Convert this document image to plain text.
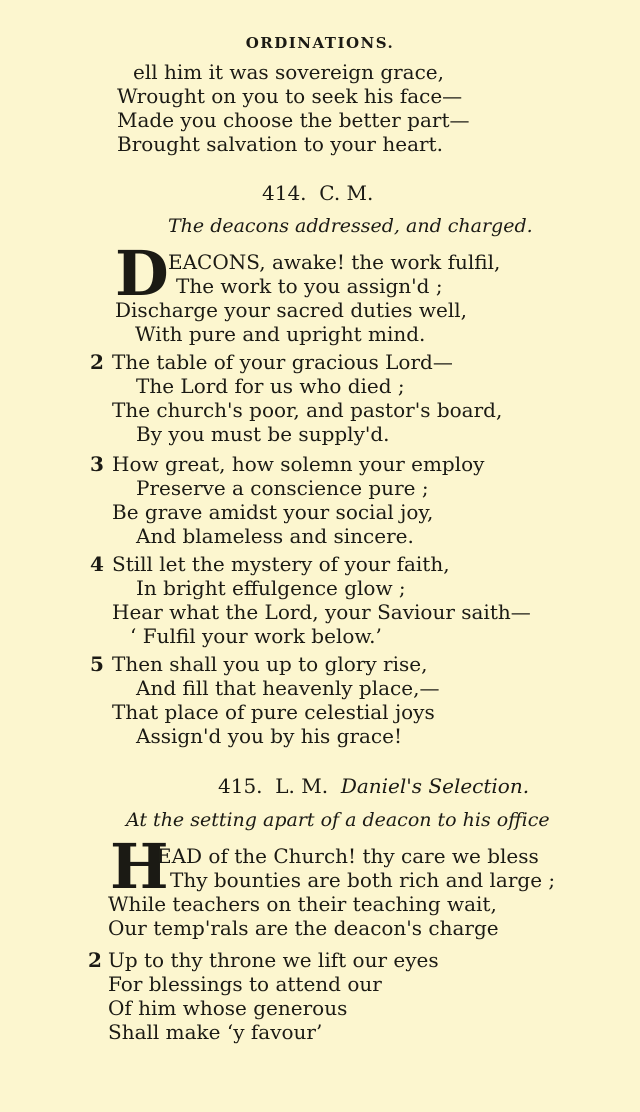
ORDINATIONS.
ell him it was sovereign grace,
Wrought on you to seek his face—
Made you choose the better part—
Brought salvation to your heart.
414. C. M.
The deacons addressed, and charged.
D EACONS, awake! the work fulfil,
The work to you assign'd ;
Discharge your sacred duties well,
With pure and upright mind.
2 The table of your gracious Lord—
The Lord for us who died ;
The church's poor, and pastor's board,
By you must be supply'd.
3 How great, how solemn your employ
Preserve a conscience pure ;
Be grave amidst your social joy,
And blameless and sincere.
4 Still let the mystery of your faith,
In bright effulgence glow ;
Hear what the Lord, your Saviour saith—
‘ Fulfil your work below.’
5 Then shall you up to glory rise,
And fill that heavenly place,—
That place of pure celestial joys
Assign'd you by his grace!
415. L. M. Daniel's Selection.
At the setting apart of a deacon to his office
H
EAD of the Church! thy care we bless
Thy bounties are both rich and large ;
While teachers on their teaching wait,
Our temp'rals are the deacon's charge
2 Up to thy throne we lift our eyes
For blessings to attend our
Of him whose generous
Shall make ‘y favour’
